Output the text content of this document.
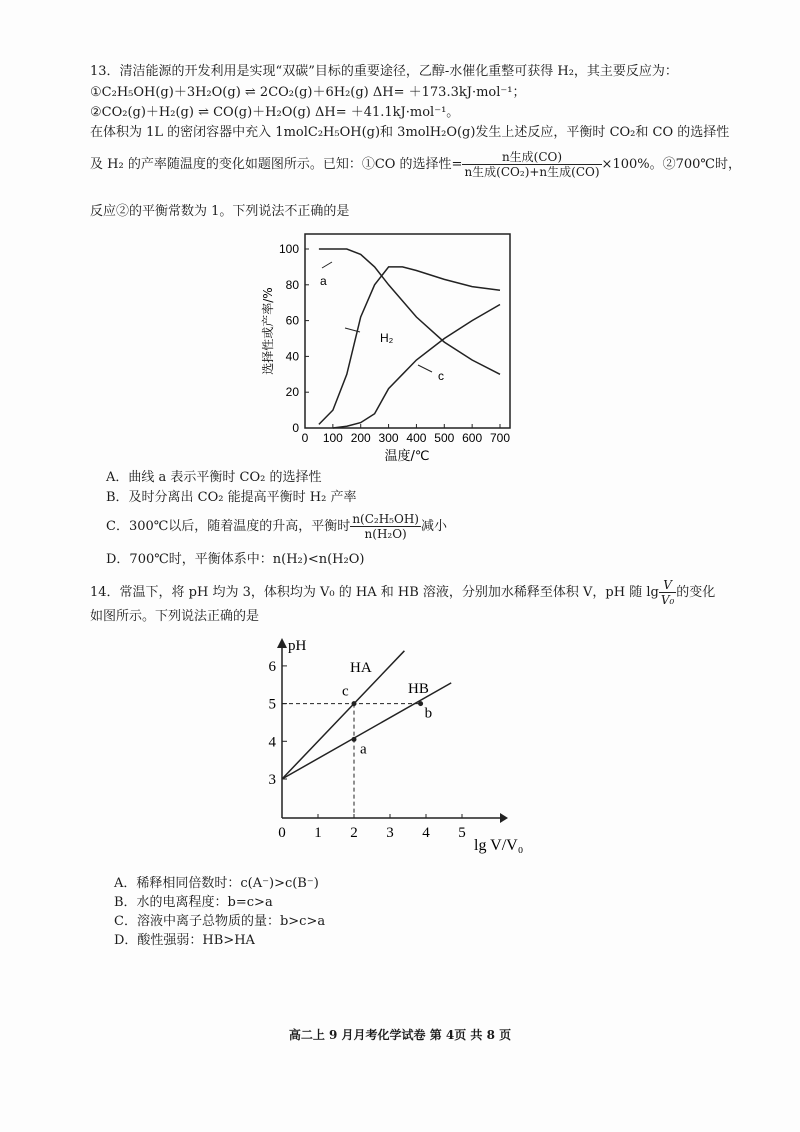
13．清洁能源的开发利用是实现“双碳”目标的重要途径，乙醇-水催化重整可获得 H₂，其主要反应为：
①C₂H₅OH(g)＋3H₂O(g) ⇌ 2CO₂(g)＋6H₂(g) ΔH= ＋173.3kJ·mol⁻¹；
②CO₂(g)＋H₂(g) ⇌ CO(g)＋H₂O(g) ΔH= ＋41.1kJ·mol⁻¹。
在体积为 1L 的密闭容器中充入 1molC₂H₅OH(g)和 3molH₂O(g)发生上述反应，平衡时 CO₂和 CO 的选择性
及 H₂ 的产率随温度的变化如题图所示。已知：①CO 的选择性= $\frac{\text{n生成(CO)}}{\text{n生成(CO₂)+n生成(CO)}} \times 100\%$。②700℃时，
反应②的平衡常数为 1。下列说法不正确的是
0 100 200 300 400 500 600 700
0
20
40
60
80
100
温度/℃
选择性或产率/%
a
H₂
c
A．曲线 a 表示平衡时 CO₂ 的选择性
B．及时分离出 CO₂ 能提高平衡时 H₂ 产率
C．300℃以后，随着温度的升高，平衡时 $\frac{\text{n(C₂H₅OH)}}{\text{n(H₂O)}}$ 减小
D．700℃时，平衡体系中：n(H₂)<n(H₂O)
14．常温下，将 pH 均为 3，体积均为 V₀ 的 HA 和 HB 溶液，分别加水稀释至体积 V，pH 随 $\lg \frac{V}{\text{V₀}}$ 的变化
如图所示。下列说法正确的是
pH
0 1 2 3 4 5
3
4
5
6
lg V/V₀
HA
HB
c
a
b
A．稀释相同倍数时：c(A⁻)>c(B⁻)
B．水的电离程度：b=c>a
C．溶液中离子总物质的量：b>c>a
D．酸性强弱：HB>HA
高二上 9 月月考化学试卷 第 4页 共 8 页
